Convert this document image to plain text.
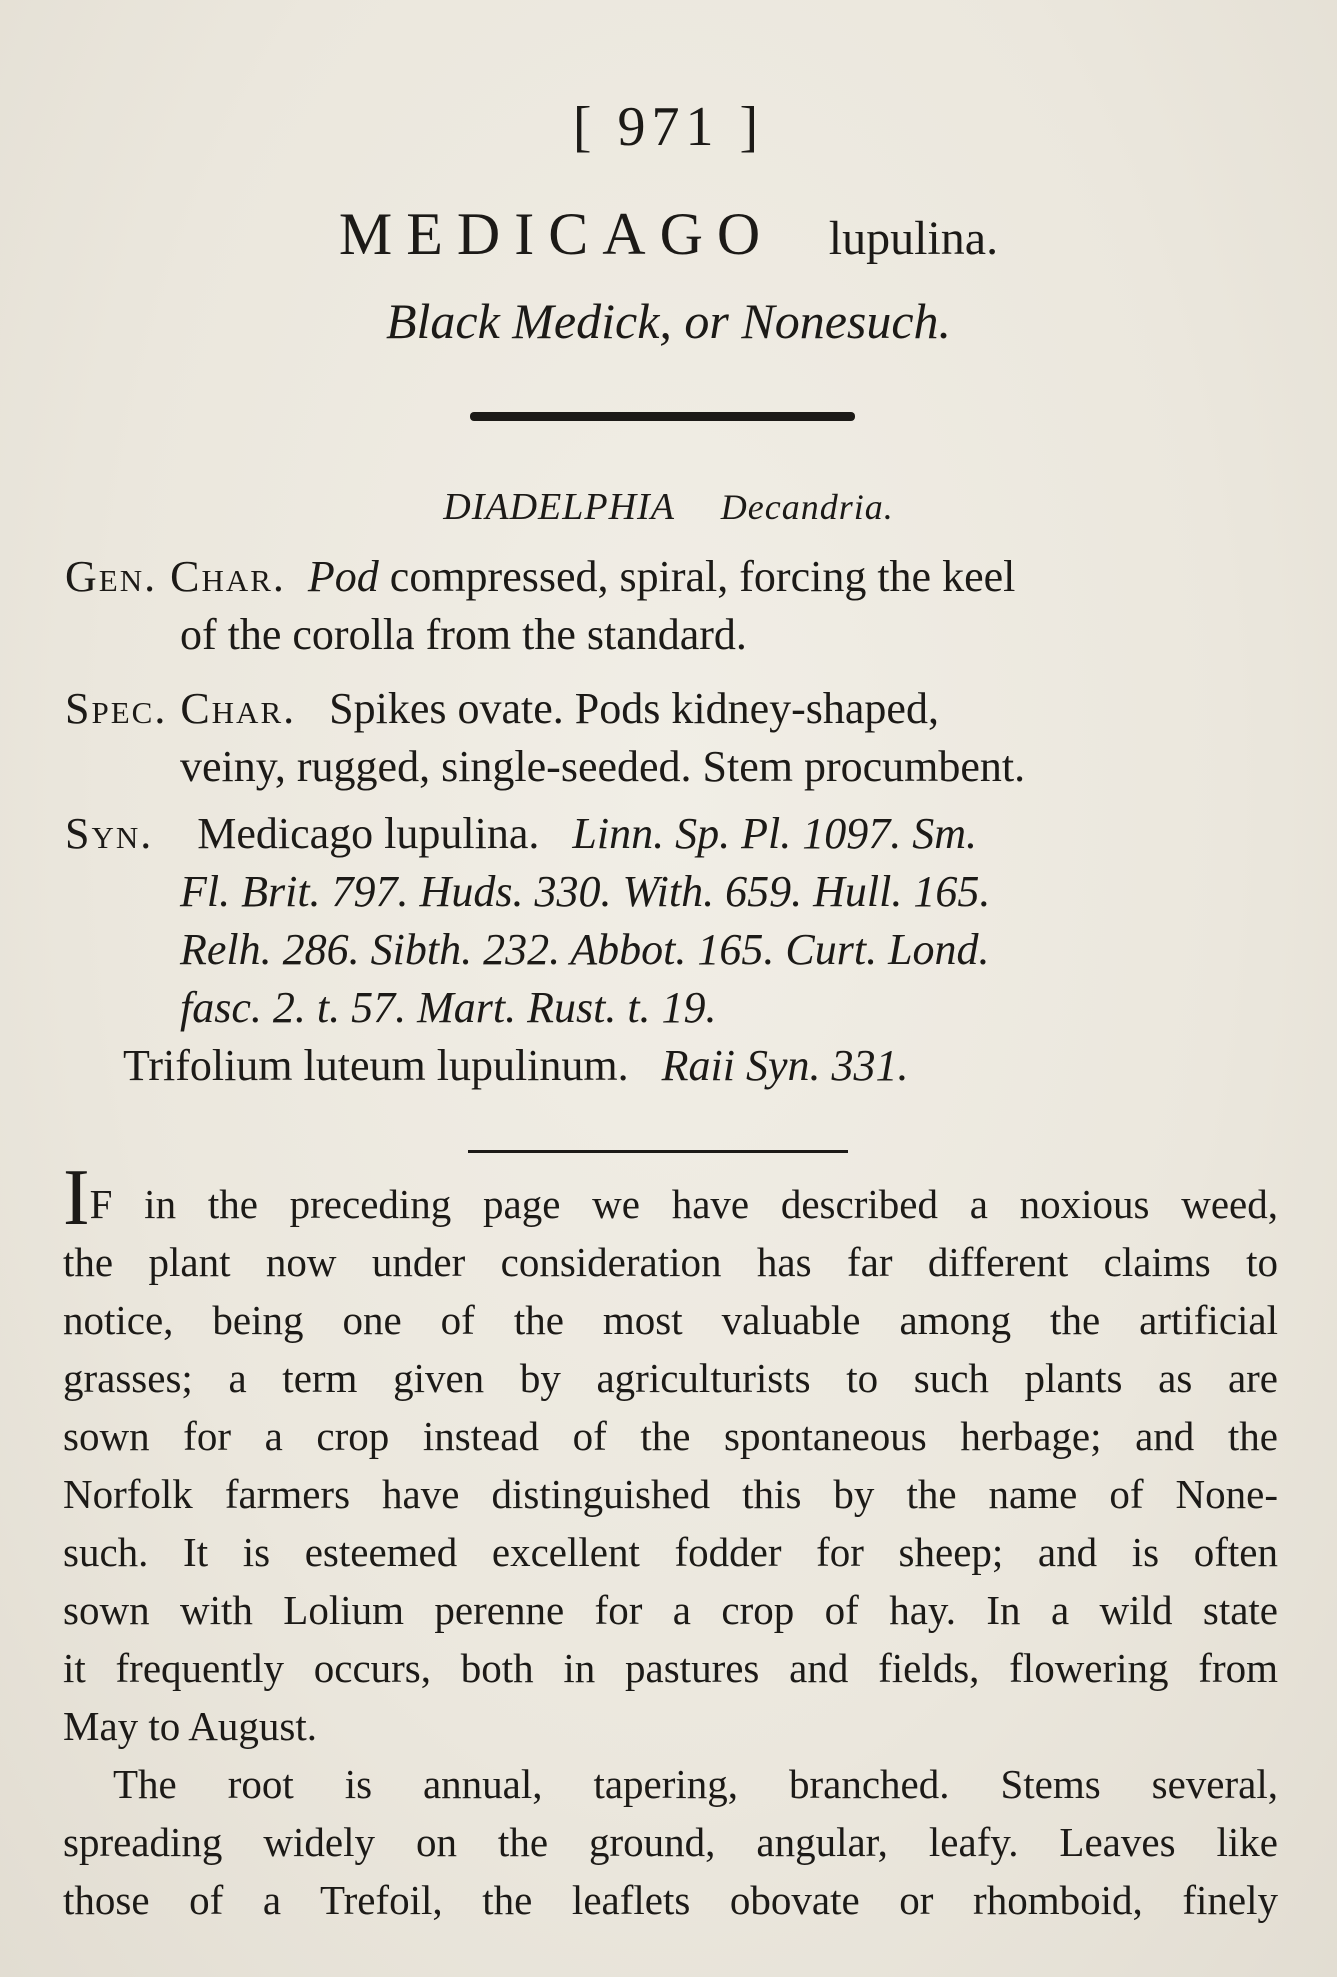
[ 971 ]
MEDICAGO lupulina.
Black Medick, or Nonesuch.
DIADELPHIA Decandria.
Gen. Char. Pod compressed, spiral, forcing the keel
of the corolla from the standard.
Spec. Char. Spikes ovate. Pods kidney-shaped,
veiny, rugged, single-seeded. Stem procumbent.
Syn. Medicago lupulina. Linn. Sp. Pl. 1097. Sm.
Fl. Brit. 797. Huds. 330. With. 659. Hull. 165.
Relh. 286. Sibth. 232. Abbot. 165. Curt. Lond.
fasc. 2. t. 57. Mart. Rust. t. 19.
Trifolium luteum lupulinum. Raii Syn. 331.
IF in the preceding page we have described a noxious weed,
the plant now under consideration has far different claims to
notice, being one of the most valuable among the artificial
grasses; a term given by agriculturists to such plants as are
sown for a crop instead of the spontaneous herbage; and the
Norfolk farmers have distinguished this by the name of None-
such. It is esteemed excellent fodder for sheep; and is often
sown with Lolium perenne for a crop of hay. In a wild state
it frequently occurs, both in pastures and fields, flowering from
May to August.
The root is annual, tapering, branched. Stems several,
spreading widely on the ground, angular, leafy. Leaves like
those of a Trefoil, the leaflets obovate or rhomboid, finely
